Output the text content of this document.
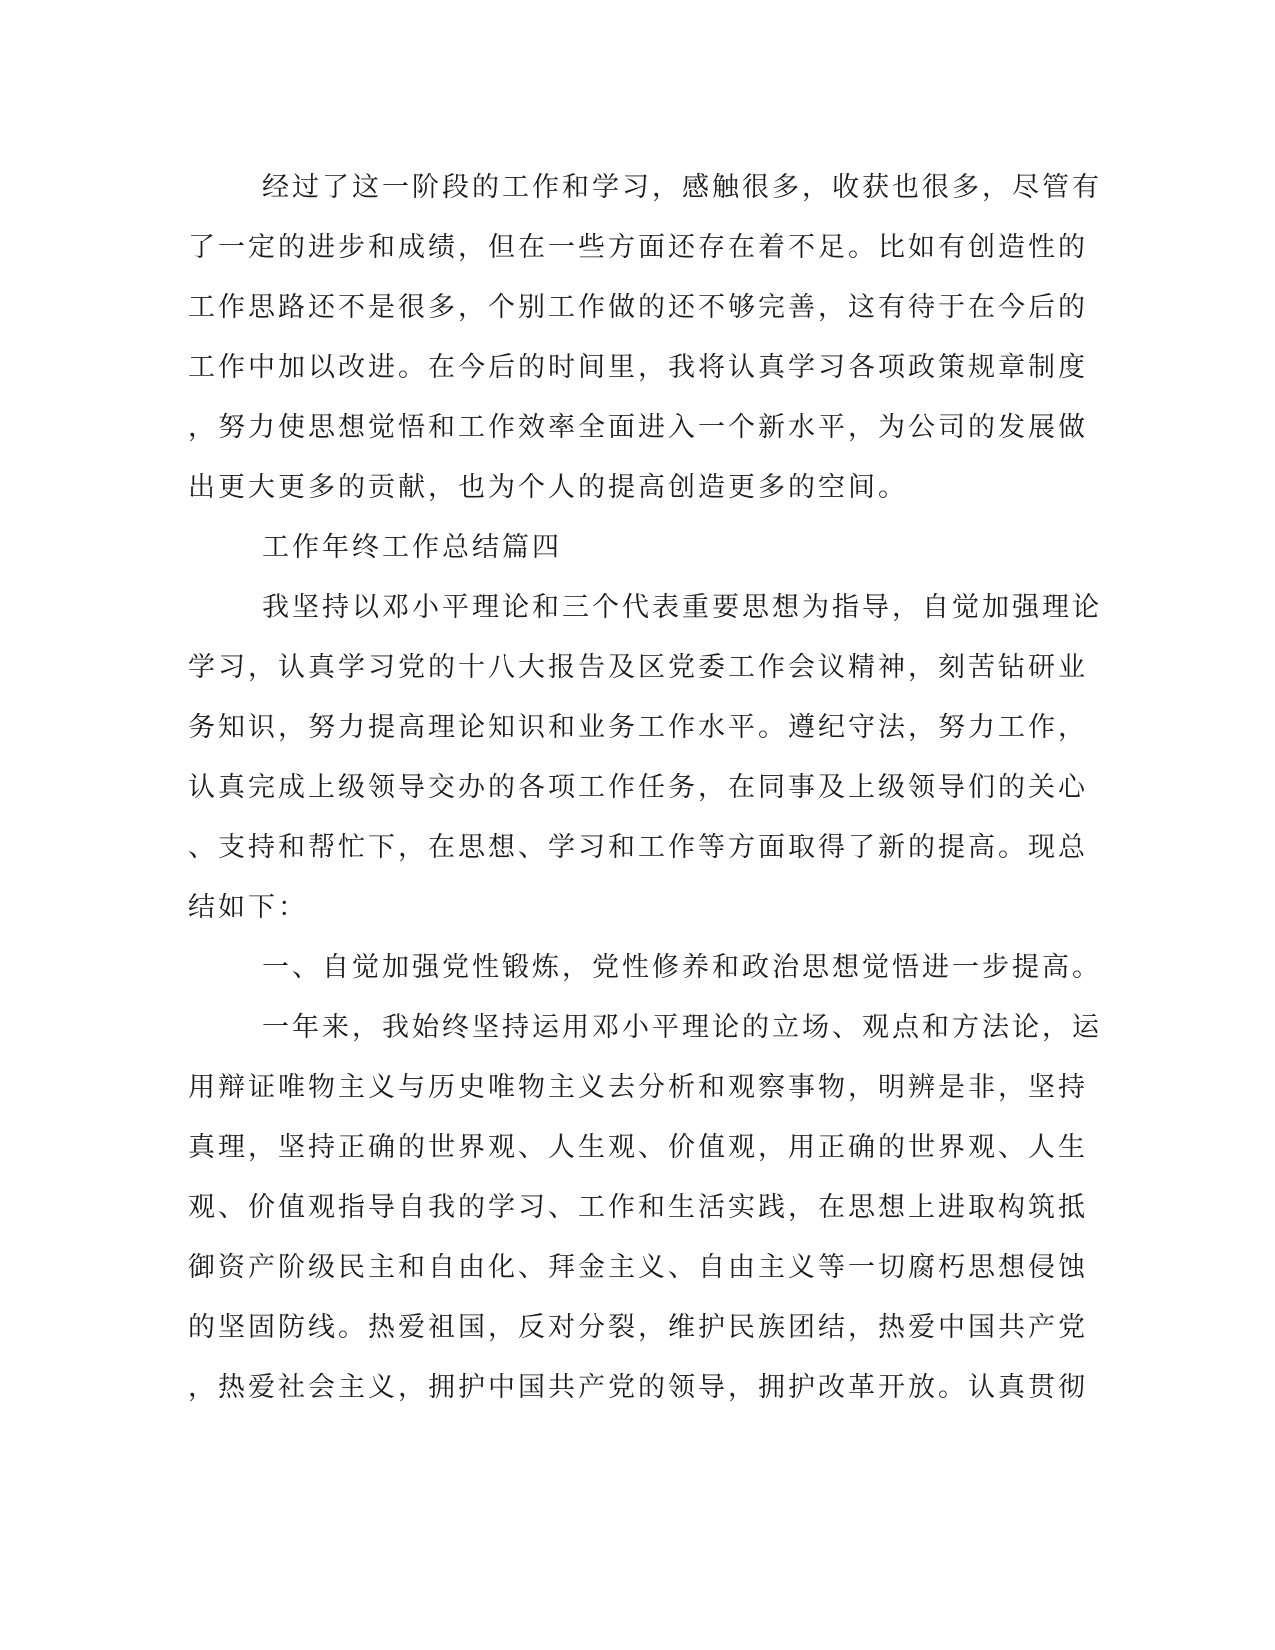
经过了这一阶段的工作和学习，感触很多，收获也很多，尽管有
了一定的进步和成绩，但在一些方面还存在着不足。比如有创造性的
工作思路还不是很多，个别工作做的还不够完善，这有待于在今后的
工作中加以改进。在今后的时间里，我将认真学习各项政策规章制度
，努力使思想觉悟和工作效率全面进入一个新水平，为公司的发展做
出更大更多的贡献，也为个人的提高创造更多的空间。
工作年终工作总结篇四
我坚持以邓小平理论和三个代表重要思想为指导，自觉加强理论
学习，认真学习党的十八大报告及区党委工作会议精神，刻苦钻研业
务知识，努力提高理论知识和业务工作水平。遵纪守法，努力工作，
认真完成上级领导交办的各项工作任务，在同事及上级领导们的关心
、支持和帮忙下，在思想、学习和工作等方面取得了新的提高。现总
结如下：
一、自觉加强党性锻炼，党性修养和政治思想觉悟进一步提高。
一年来，我始终坚持运用邓小平理论的立场、观点和方法论，运
用辩证唯物主义与历史唯物主义去分析和观察事物，明辨是非，坚持
真理，坚持正确的世界观、人生观、价值观，用正确的世界观、人生
观、价值观指导自我的学习、工作和生活实践，在思想上进取构筑抵
御资产阶级民主和自由化、拜金主义、自由主义等一切腐朽思想侵蚀
的坚固防线。热爱祖国，反对分裂，维护民族团结，热爱中国共产党
，热爱社会主义，拥护中国共产党的领导，拥护改革开放。认真贯彻
